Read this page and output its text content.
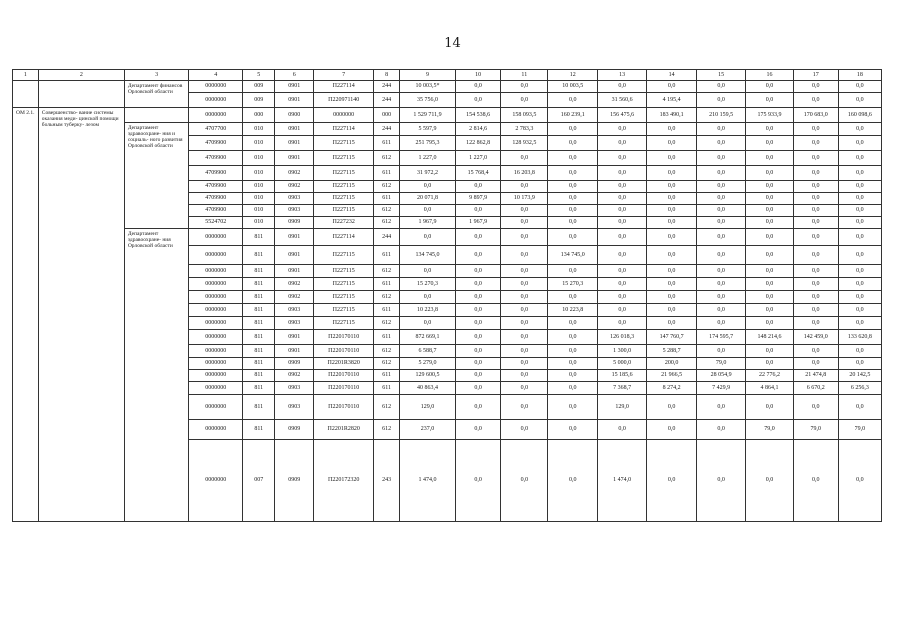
14
1	2	3	4	5	6	7	8	9	10	11	12	13	14	15	16	17	18
		Департамент финансов Орловской области	0000000	009	0901	П227114	244	10 003,5*	0,0	0,0	10 003,5	0,0	0,0	0,0	0,0	0,0	0,0
			0000000	009	0901	П220971140	244	35 756,0	0,0	0,0	0,0	31 560,6	4 195,4	0,0	0,0	0,0	0,0
ОМ 2.1.	Совершенство- вание системы оказания меди- цинской помощи больным туберку- лезом		0000000	000	0900	0000000	000	1 529 711,9	154 538,6	158 093,5	160 239,1	156 475,6	183 490,1	210 159,5	175 933,9	170 683,0	160 098,6
		Департамент здравоохране- ния и социаль- ного развития Орловской области	4707700	010	0901	П227114	244	5 597,9	2 814,6	2 783,3	0,0	0,0	0,0	0,0	0,0	0,0	0,0
			4709900	010	0901	П227115	611	251 795,3	122 862,8	128 932,5	0,0	0,0	0,0	0,0	0,0	0,0	0,0
			4709900	010	0901	П227115	612	1 227,0	1 227,0	0,0	0,0	0,0	0,0	0,0	0,0	0,0	0,0
			4709900	010	0902	П227115	611	31 972,2	15 768,4	16 203,8	0,0	0,0	0,0	0,0	0,0	0,0	0,0
			4709900	010	0902	П227115	612	0,0	0,0	0,0	0,0	0,0	0,0	0,0	0,0	0,0	0,0
			4709900	010	0903	П227115	611	20 071,8	9 897,9	10 173,9	0,0	0,0	0,0	0,0	0,0	0,0	0,0
			4709900	010	0903	П227115	612	0,0	0,0	0,0	0,0	0,0	0,0	0,0	0,0	0,0	0,0
			5524702	010	0909	П227232	612	1 967,9	1 967,9	0,0	0,0	0,0	0,0	0,0	0,0	0,0	0,0
		Департамент здравоохране- ния Орловской области	0000000	811	0901	П227114	244	0,0	0,0	0,0	0,0	0,0	0,0	0,0	0,0	0,0	0,0
			0000000	811	0901	П227115	611	134 745,0	0,0	0,0	134 745,0	0,0	0,0	0,0	0,0	0,0	0,0
			0000000	811	0901	П227115	612	0,0	0,0	0,0	0,0	0,0	0,0	0,0	0,0	0,0	0,0
			0000000	811	0902	П227115	611	15 270,3	0,0	0,0	15 270,3	0,0	0,0	0,0	0,0	0,0	0,0
			0000000	811	0902	П227115	612	0,0	0,0	0,0	0,0	0,0	0,0	0,0	0,0	0,0	0,0
			0000000	811	0903	П227115	611	10 223,8	0,0	0,0	10 223,8	0,0	0,0	0,0	0,0	0,0	0,0
			0000000	811	0903	П227115	612	0,0	0,0	0,0	0,0	0,0	0,0	0,0	0,0	0,0	0,0
			0000000	811	0901	П220170110	611	872 669,1	0,0	0,0	0,0	126 018,3	147 760,7	174 595,7	148 214,6	142 459,0	133 620,8
			0000000	811	0901	П220170110	612	6 588,7	0,0	0,0	0,0	1 300,0	5 288,7	0,0	0,0	0,0	0,0
			0000000	811	0909	П2201R3820	612	5 279,0	0,0	0,0	0,0	5 000,0	200,0	79,0	0,0	0,0	0,0
			0000000	811	0902	П220170110	611	129 600,5	0,0	0,0	0,0	15 185,6	21 966,5	28 054,9	22 776,2	21 474,8	20 142,5
			0000000	811	0903	П220170110	611	40 863,4	0,0	0,0	0,0	7 368,7	8 274,2	7 429,9	4 864,1	6 670,2	6 256,3
			0000000	811	0903	П220170110	612	129,0	0,0	0,0	0,0	129,0	0,0	0,0	0,0	0,0	0,0
			0000000	811	0909	П2201R2820	612	237,0	0,0	0,0	0,0	0,0	0,0	0,0	79,0	79,0	79,0
			0000000	007	0909	П220172320	243	1 474,0	0,0	0,0	0,0	1 474,0	0,0	0,0	0,0	0,0	0,0
